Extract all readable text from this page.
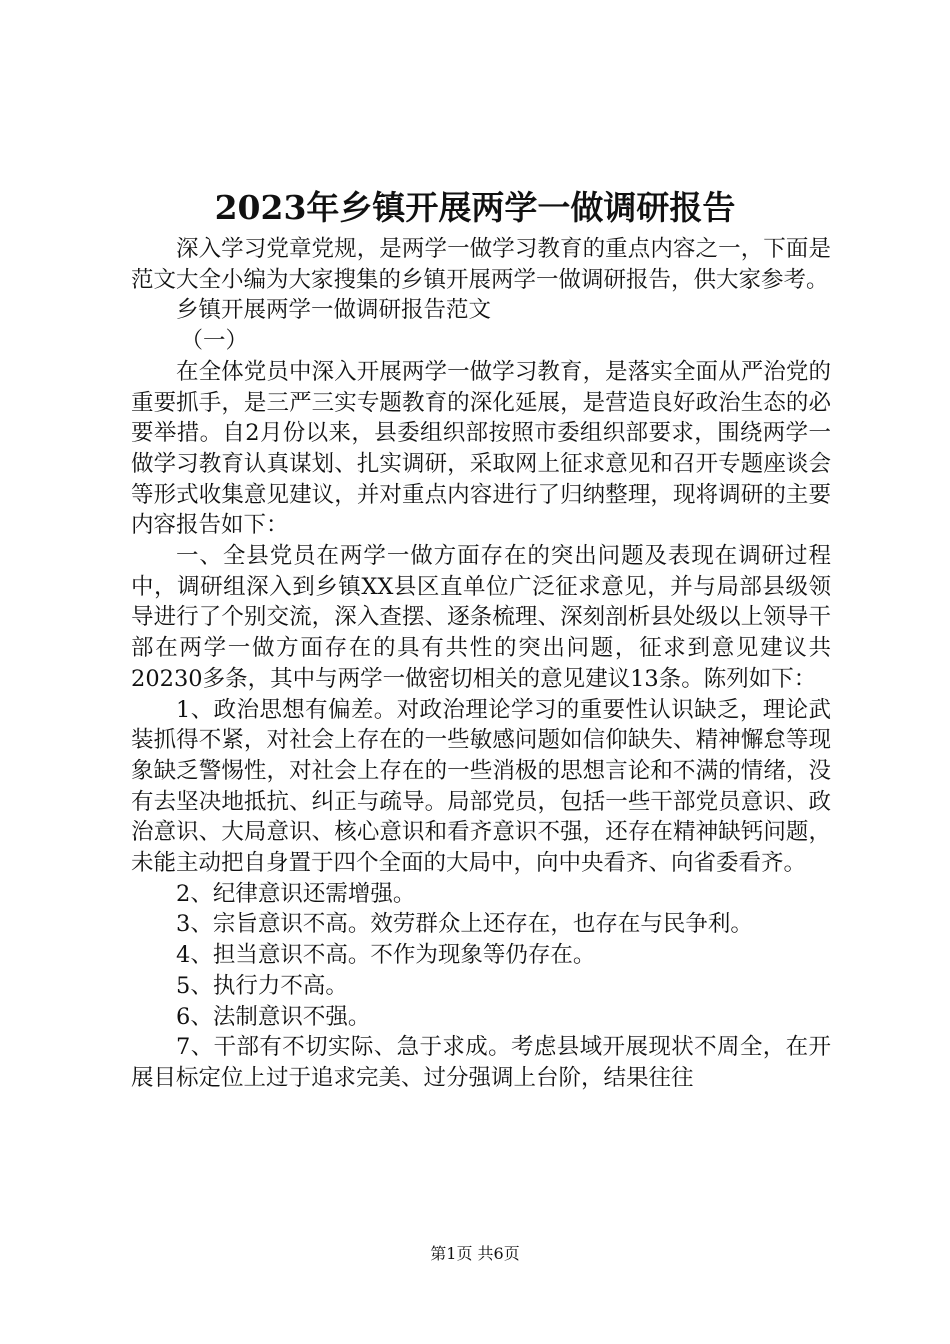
2023年乡镇开展两学一做调研报告

深入学习党章党规，是两学一做学习教育的重点内容之一，下面是范文大全小编为大家搜集的乡镇开展两学一做调研报告，供大家参考。

乡镇开展两学一做调研报告范文

（一）

在全体党员中深入开展两学一做学习教育，是落实全面从严治党的重要抓手，是三严三实专题教育的深化延展，是营造良好政治生态的必要举措。自2月份以来，县委组织部按照市委组织部要求，围绕两学一做学习教育认真谋划、扎实调研，采取网上征求意见和召开专题座谈会等形式收集意见建议，并对重点内容进行了归纳整理，现将调研的主要内容报告如下：

一、全县党员在两学一做方面存在的突出问题及表现在调研过程中，调研组深入到乡镇XX县区直单位广泛征求意见，并与局部县级领导进行了个别交流，深入查摆、逐条梳理、深刻剖析县处级以上领导干部在两学一做方面存在的具有共性的突出问题，征求到意见建议共20230多条，其中与两学一做密切相关的意见建议13条。陈列如下：

1、政治思想有偏差。对政治理论学习的重要性认识缺乏，理论武装抓得不紧，对社会上存在的一些敏感问题如信仰缺失、精神懈怠等现象缺乏警惕性，对社会上存在的一些消极的思想言论和不满的情绪，没有去坚决地抵抗、纠正与疏导。局部党员，包括一些干部党员意识、政治意识、大局意识、核心意识和看齐意识不强，还存在精神缺钙问题，未能主动把自身置于四个全面的大局中，向中央看齐、向省委看齐。

2、纪律意识还需增强。

3、宗旨意识不高。效劳群众上还存在，也存在与民争利。

4、担当意识不高。不作为现象等仍存在。

5、执行力不高。

6、法制意识不强。

7、干部有不切实际、急于求成。考虑县域开展现状不周全，在开展目标定位上过于追求完美、过分强调上台阶，结果往往

第1页 共6页
